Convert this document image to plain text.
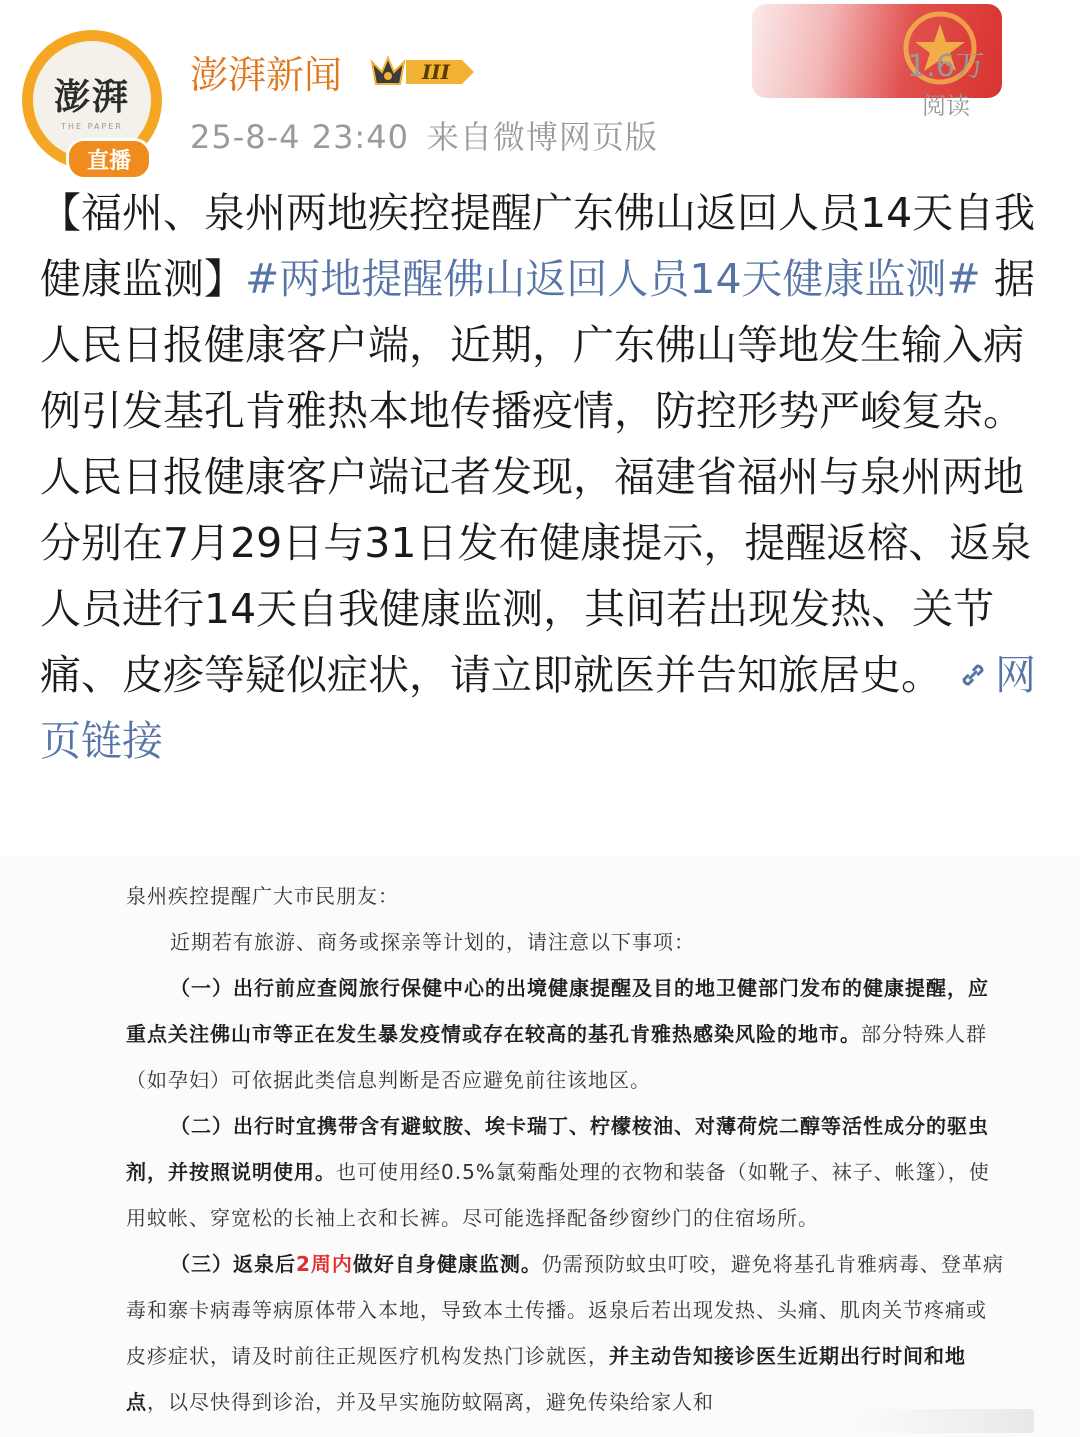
澎湃
THE PAPER
直播
澎湃新闻	III
25-8-4 23:40 来自微博网页版
1.6万
阅读
【福州、泉州两地疾控提醒广东佛山返回人员14天自我健康监测】#两地提醒佛山返回人员14天健康监测# 据人民日报健康客户端，近期，广东佛山等地发生输入病例引发基孔肯雅热本地传播疫情，防控形势严峻复杂。人民日报健康客户端记者发现，福建省福州与泉州两地分别在7月29日与31日发布健康提示，提醒返榕、返泉人员进行14天自我健康监测，其间若出现发热、关节痛、皮疹等疑似症状，请立即就医并告知旅居史。 网页链接

泉州疾控提醒广大市民朋友：

近期若有旅游、商务或探亲等计划的，请注意以下事项：

（一）出行前应查阅旅行保健中心的出境健康提醒及目的地卫健部门发布的健康提醒，应重点关注佛山市等正在发生暴发疫情或存在较高的基孔肯雅热感染风险的地市。部分特殊人群（如孕妇）可依据此类信息判断是否应避免前往该地区。

（二）出行时宜携带含有避蚊胺、埃卡瑞丁、柠檬桉油、对薄荷烷二醇等活性成分的驱虫剂，并按照说明使用。也可使用经0.5%氯菊酯处理的衣物和装备（如靴子、袜子、帐篷），使用蚊帐、穿宽松的长袖上衣和长裤。尽可能选择配备纱窗纱门的住宿场所。

（三）返泉后2周内做好自身健康监测。仍需预防蚊虫叮咬，避免将基孔肯雅病毒、登革病毒和寨卡病毒等病原体带入本地，导致本土传播。返泉后若出现发热、头痛、肌肉关节疼痛或皮疹症状，请及时前往正规医疗机构发热门诊就医，并主动告知接诊医生近期出行时间和地点，以尽快得到诊治，并及早实施防蚊隔离，避免传染给家人和
